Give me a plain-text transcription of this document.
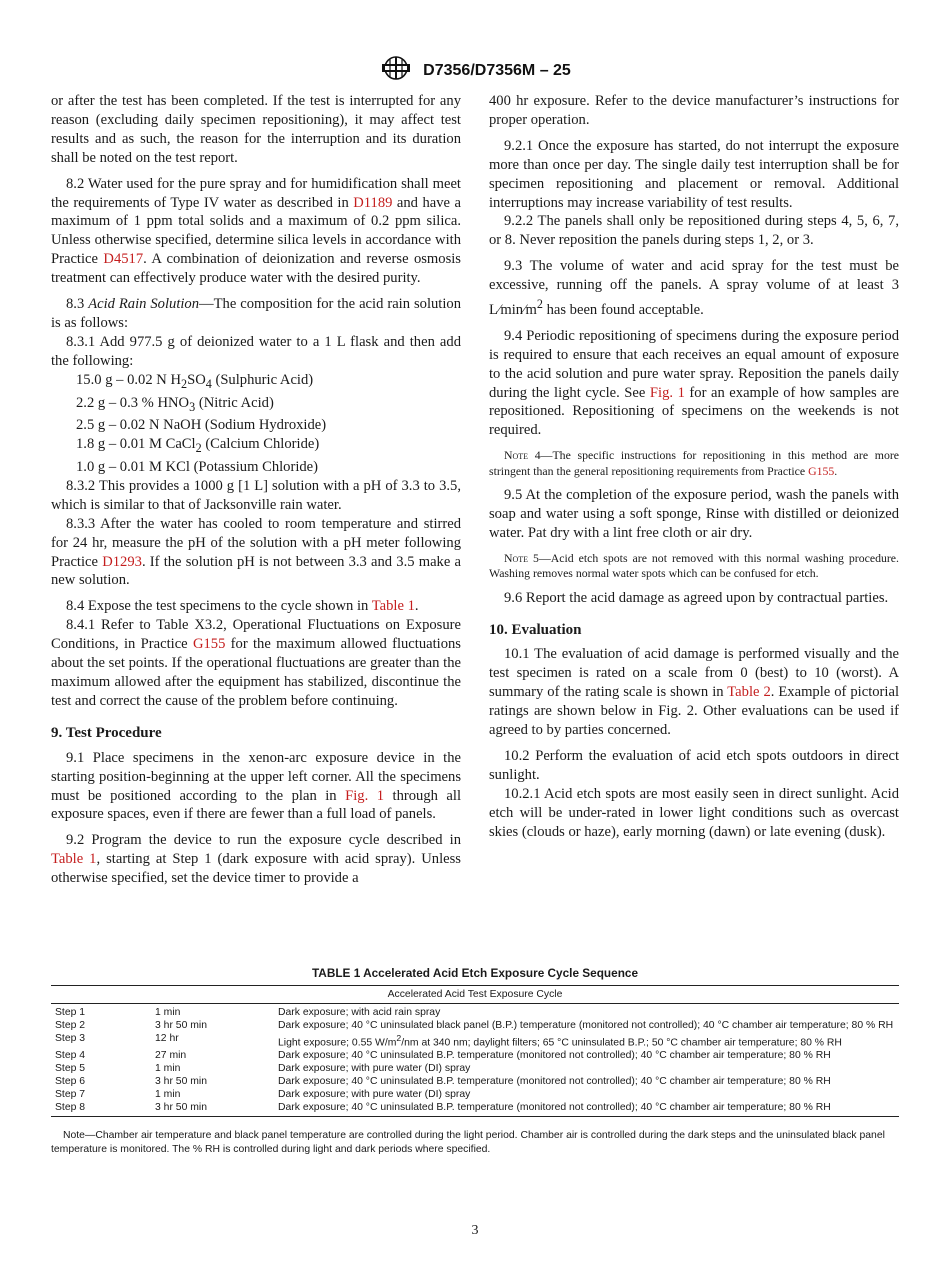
D7356/D7356M – 25

or after the test has been completed. If the test is interrupted for any reason (excluding daily specimen repositioning), it may affect test results and as such, the reason for the interruption and its duration shall be noted on the test report.

8.2 Water used for the pure spray and for humidification shall meet the requirements of Type IV water as described in D1189 and have a maximum of 1 ppm total solids and a maximum of 0.2 ppm silica. Unless otherwise specified, determine silica levels in accordance with Practice D4517. A combination of deionization and reverse osmosis treatment can effectively produce water with the desired purity.

8.3 Acid Rain Solution—The composition for the acid rain solution is as follows:

8.3.1 Add 977.5 g of deionized water to a 1 L flask and then add the following:

15.0 g – 0.02 N $H_2SO_4$ (Sulphuric Acid)

2.2 g – 0.3 % $HNO_3$ (Nitric Acid)

2.5 g – 0.02 N NaOH (Sodium Hydroxide)

1.8 g – 0.01 M CaCl$_2$ (Calcium Chloride)

1.0 g – 0.01 M KCl (Potassium Chloride)

8.3.2 This provides a 1000 g [1 L] solution with a pH of 3.3 to 3.5, which is similar to that of Jacksonville rain water.

8.3.3 After the water has cooled to room temperature and stirred for 24 hr, measure the pH of the solution with a pH meter following Practice D1293. If the solution pH is not between 3.3 and 3.5 make a new solution.

8.4 Expose the test specimens to the cycle shown in Table 1.

8.4.1 Refer to Table X3.2, Operational Fluctuations on Exposure Conditions, in Practice G155 for the maximum allowed fluctuations about the set points. If the operational fluctuations are greater than the maximum allowed after the equipment has stabilized, discontinue the test and correct the cause of the problem before continuing.

9. Test Procedure

9.1 Place specimens in the xenon-arc exposure device in the starting position-beginning at the upper left corner. All the specimens must be positioned according to the plan in Fig. 1 through all exposure spaces, even if there are fewer than a full load of panels.

9.2 Program the device to run the exposure cycle described in Table 1, starting at Step 1 (dark exposure with acid spray). Unless otherwise specified, set the device timer to provide a

400 hr exposure. Refer to the device manufacturer’s instructions for proper operation.

9.2.1 Once the exposure has started, do not interrupt the exposure more than once per day. The single daily test interruption shall be for specimen repositioning and placement or removal. Additional interruptions may increase variability of test results.

9.2.2 The panels shall only be repositioned during steps 4, 5, 6, 7, or 8. Never reposition the panels during steps 1, 2, or 3.

9.3 The volume of water and acid spray for the test must be excessive, running off the panels. A spray volume of at least 3 $L⁄\min⁄m^2$ has been found acceptable.

9.4 Periodic repositioning of specimens during the exposure period is required to ensure that each receives an equal amount of exposure to the acid solution and pure water spray. Reposition the panels daily during the light cycle. See Fig. 1 for an example of how samples are repositioned. Repositioning of specimens on the weekends is not required.

Note 4—The specific instructions for repositioning in this method are more stringent than the general repositioning requirements from Practice G155.

9.5 At the completion of the exposure period, wash the panels with soap and water using a soft sponge, Rinse with distilled or deionized water. Pat dry with a lint free cloth or air dry.

Note 5—Acid etch spots are not removed with this normal washing procedure. Washing removes normal water spots which can be confused for etch.

9.6 Report the acid damage as agreed upon by contractual parties.

10. Evaluation

10.1 The evaluation of acid damage is performed visually and the test specimen is rated on a scale from 0 (best) to 10 (worst). A summary of the rating scale is shown in Table 2. Example of pictorial ratings are shown below in Fig. 2. Other evaluations can be used if agreed to by parties concerned.

10.2 Perform the evaluation of acid etch spots outdoors in direct sunlight.

10.2.1 Acid etch spots are most easily seen in direct sunlight. Acid etch will be under-rated in lower light conditions such as overcast skies (clouds or haze), early morning (dawn) or late evening (dusk).

TABLE 1 Accelerated Acid Etch Exposure Cycle Sequence
Accelerated Acid Test Exposure Cycle		
Step 1	1 min	Dark exposure; with acid rain spray
Step 2	3 hr 50 min	Dark exposure; 40 °C uninsulated black panel (B.P.) temperature (monitored not controlled); 40 °C chamber air temperature; 80 % RH
Step 3	12 hr	Light exposure; 0.55 $W/m^2/nm$ at 340 nm; daylight filters; 65 °C uninsulated B.P.; 50 °C chamber air temperature; 80 % RH
Step 4	27 min	Dark exposure; 40 °C uninsulated B.P. temperature (monitored not controlled); 40 °C chamber air temperature; 80 % RH
Step 5	1 min	Dark exposure; with pure water (DI) spray
Step 6	3 hr 50 min	Dark exposure; 40 °C uninsulated B.P. temperature (monitored not controlled); 40 °C chamber air temperature; 80 % RH
Step 7	1 min	Dark exposure; with pure water (DI) spray
Step 8	3 hr 50 min	Dark exposure; 40 °C uninsulated B.P. temperature (monitored not controlled); 40 °C chamber air temperature; 80 % RH
Note—Chamber air temperature and black panel temperature are controlled during the light period. Chamber air is controlled during the dark steps and the uninsulated black panel temperature is monitored. The % RH is controlled during light and dark periods where specified.
3
